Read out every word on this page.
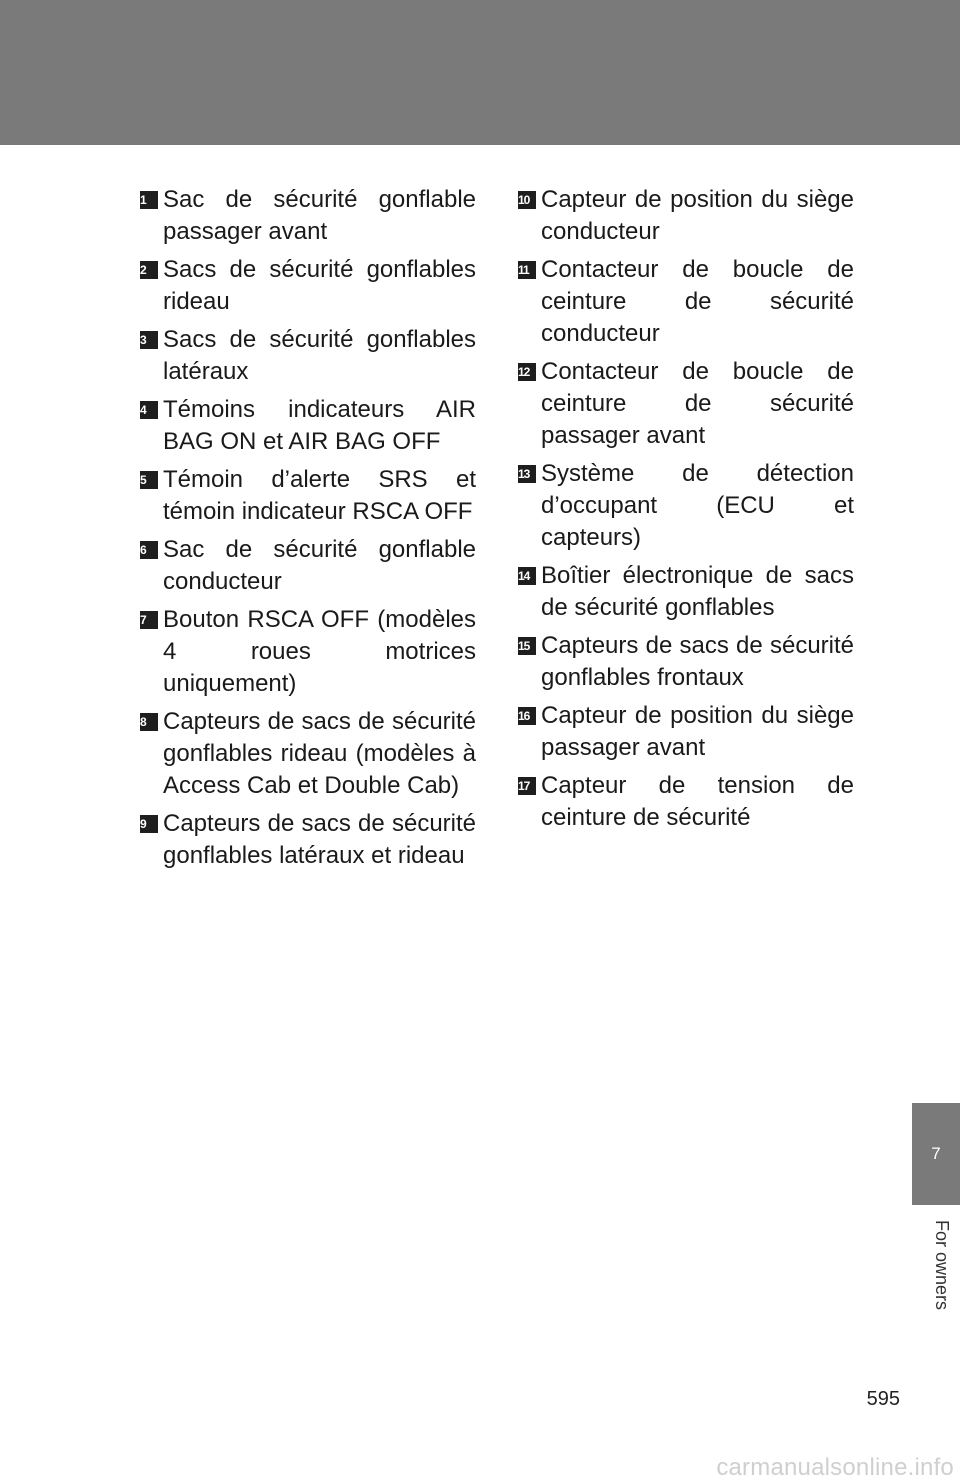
1 Sac de sécurité gonflable passager avant
2 Sacs de sécurité gonflables rideau
3 Sacs de sécurité gonflables latéraux
4 Témoins indicateurs AIR BAG ON et AIR BAG OFF
5 Témoin d’alerte SRS et témoin indicateur RSCA OFF
6 Sac de sécurité gonflable conducteur
7 Bouton RSCA OFF (modèles 4 roues motrices uniquement)
8 Capteurs de sacs de sécurité gonflables rideau (modèles à Access Cab et Double Cab)
9 Capteurs de sacs de sécurité gonflables latéraux et rideau
10 Capteur de position du siège conducteur
11 Contacteur de boucle de ceinture de sécurité conducteur
12 Contacteur de boucle de ceinture de sécurité passager avant
13 Système de détection d’occupant (ECU et capteurs)
14 Boîtier électronique de sacs de sécurité gonflables
15 Capteurs de sacs de sécurité gonflables frontaux
16 Capteur de position du siège passager avant
17 Capteur de tension de ceinture de sécurité
7
For owners
595
carmanualsonline.info
